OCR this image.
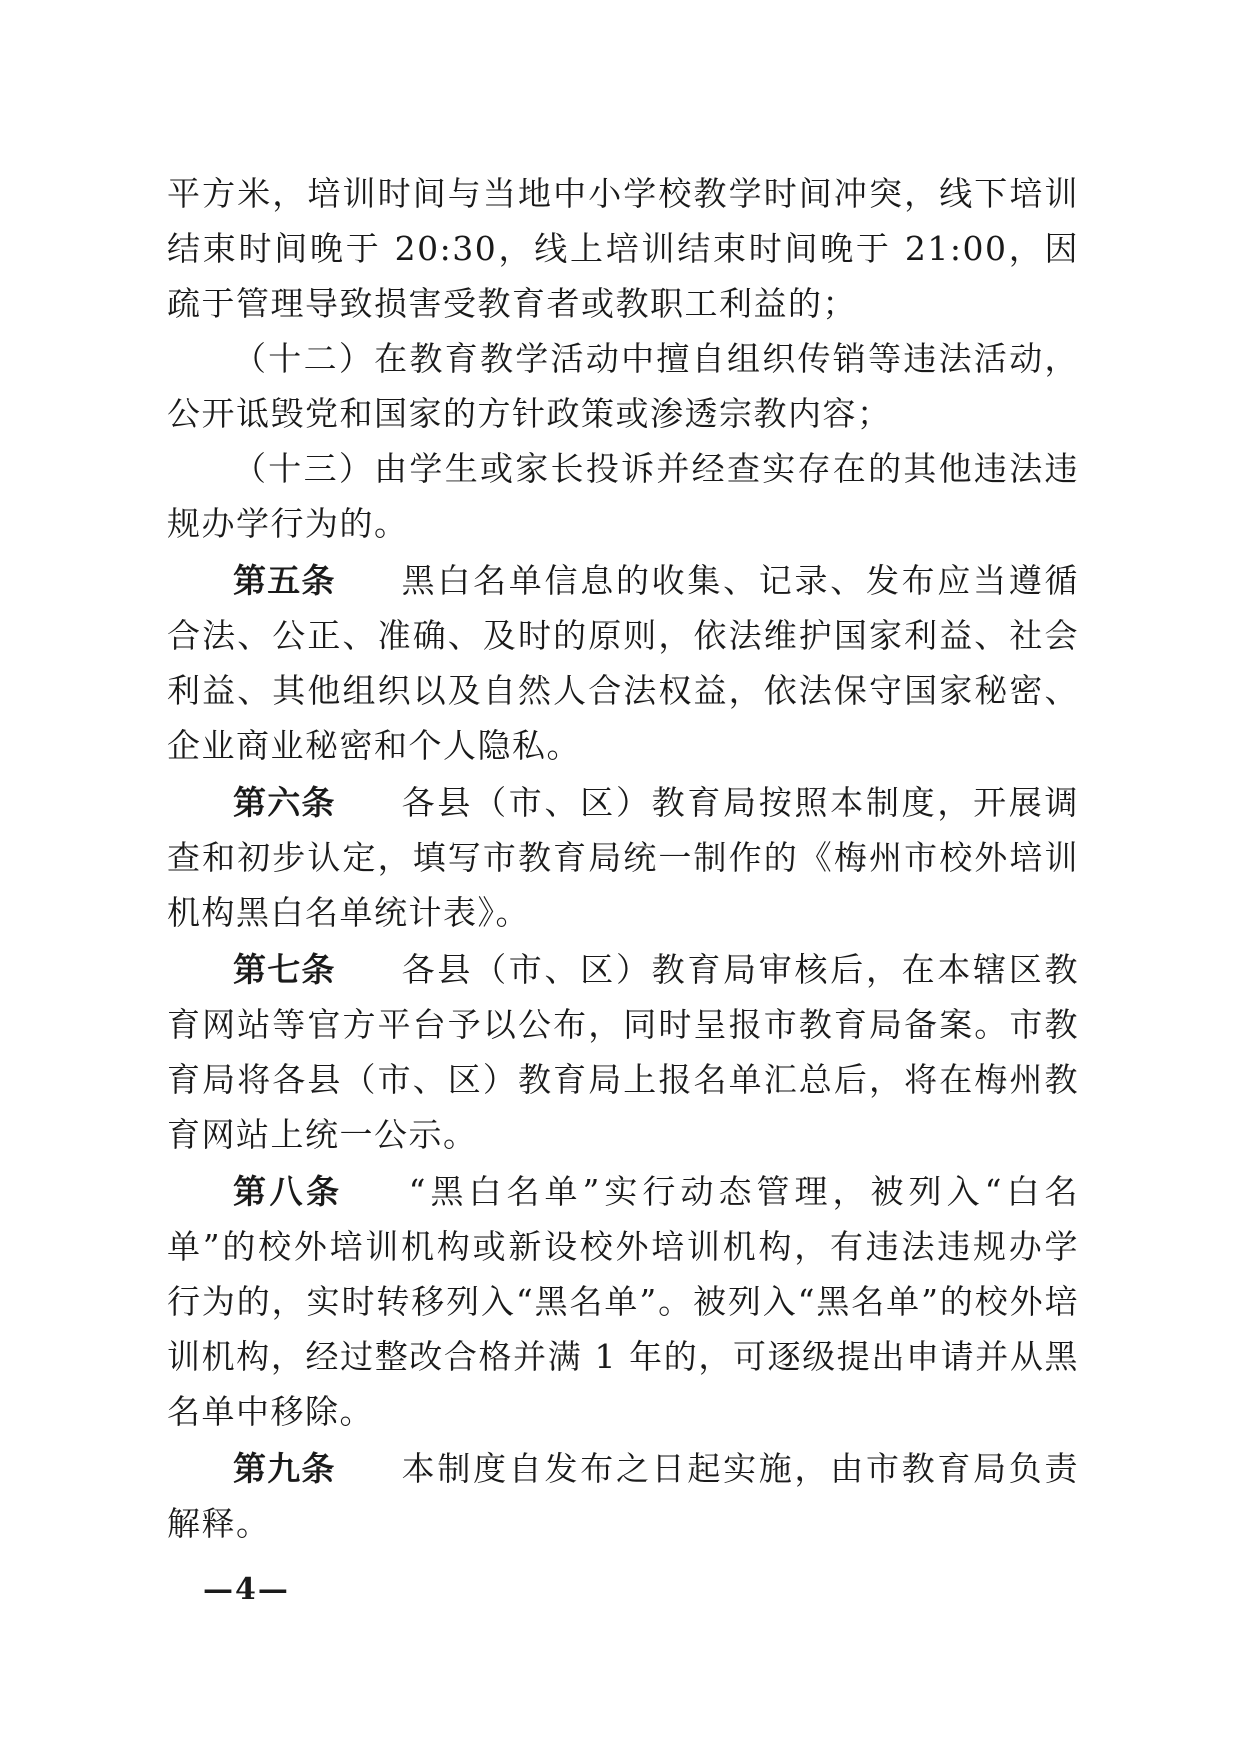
平方米，培训时间与当地中小学校教学时间冲突，线下培训结束时间晚于 20:30，线上培训结束时间晚于 21:00，因疏于管理导致损害受教育者或教职工利益的；

（十二）在教育教学活动中擅自组织传销等违法活动，公开诋毁党和国家的方针政策或渗透宗教内容；

（十三）由学生或家长投诉并经查实存在的其他违法违规办学行为的。

第五条 黑白名单信息的收集、记录、发布应当遵循合法、公正、准确、及时的原则，依法维护国家利益、社会利益、其他组织以及自然人合法权益，依法保守国家秘密、企业商业秘密和个人隐私。

第六条 各县（市、区）教育局按照本制度，开展调查和初步认定，填写市教育局统一制作的《梅州市校外培训机构黑白名单统计表》。

第七条 各县（市、区）教育局审核后，在本辖区教育网站等官方平台予以公布，同时呈报市教育局备案。市教育局将各县（市、区）教育局上报名单汇总后，将在梅州教育网站上统一公示。

第八条 “黑白名单”实行动态管理，被列入“白名单”的校外培训机构或新设校外培训机构，有违法违规办学行为的，实时转移列入“黑名单”。被列入“黑名单”的校外培训机构，经过整改合格并满 1 年的，可逐级提出申请并从黑名单中移除。

第九条 本制度自发布之日起实施，由市教育局负责解释。

—4—
